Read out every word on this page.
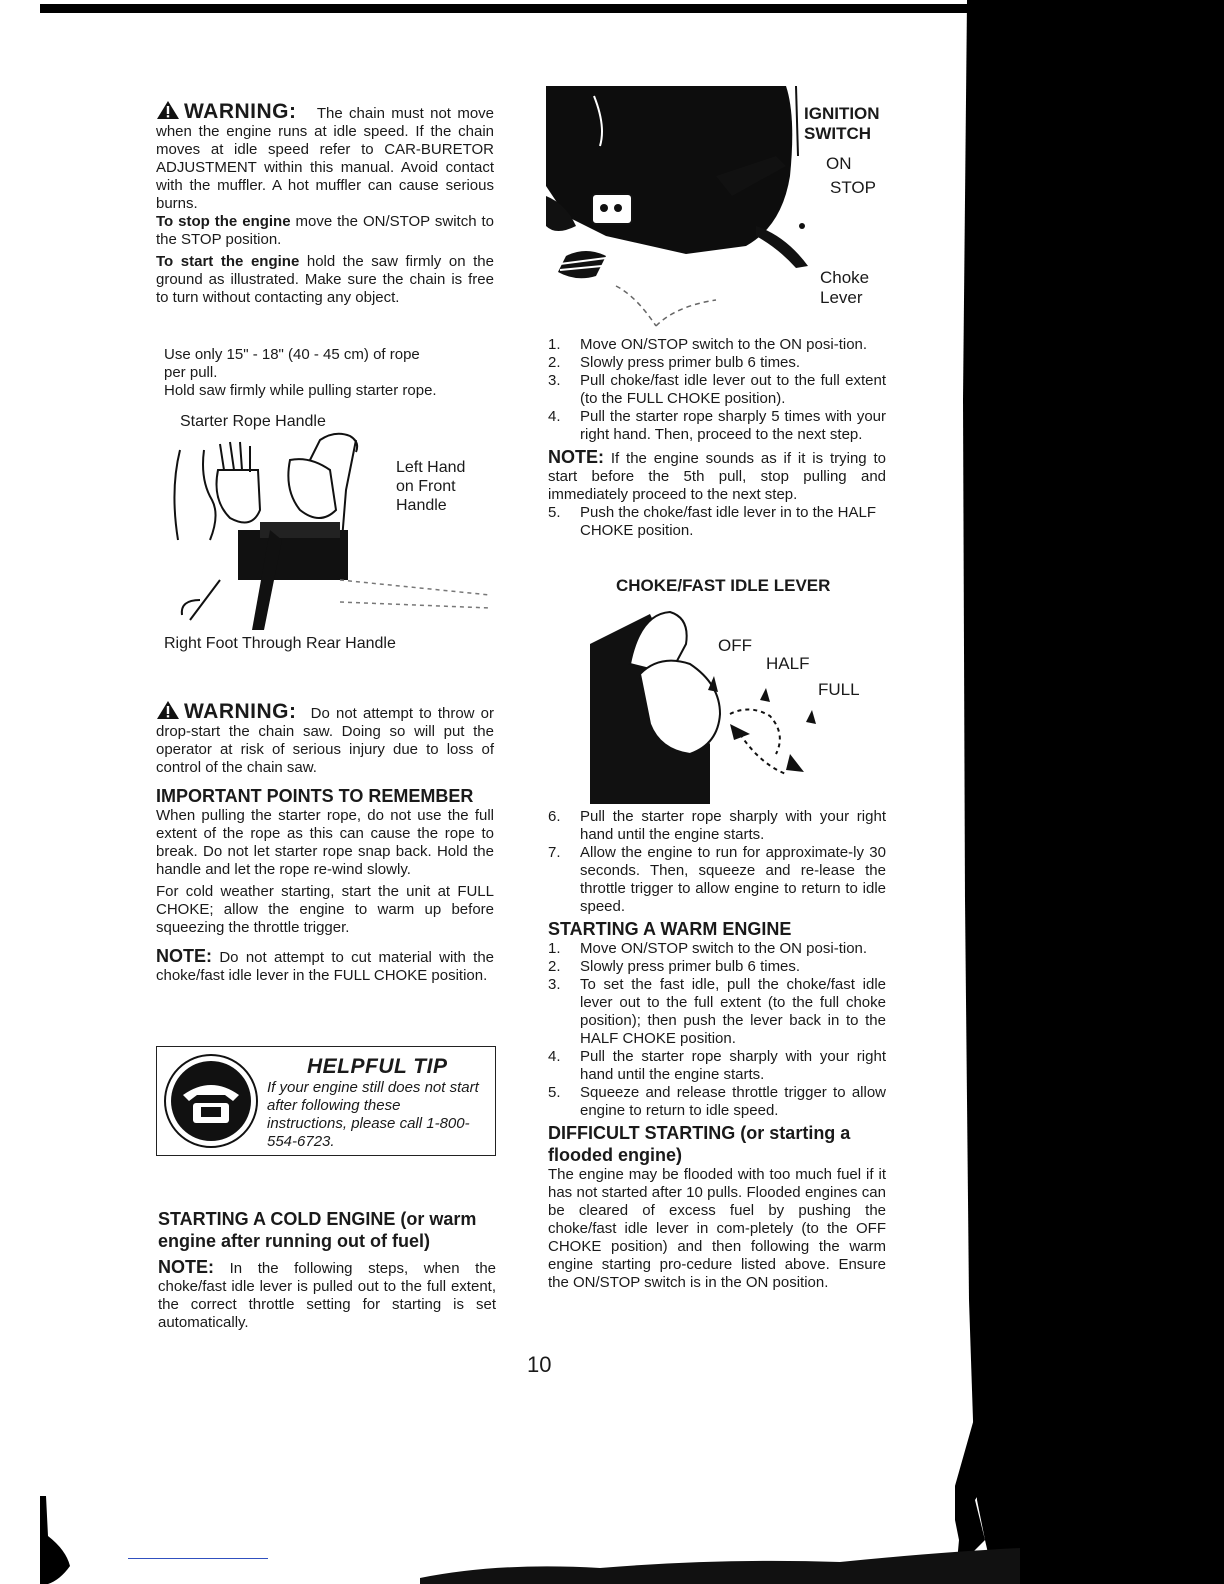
WARNING: The chain must not move when the engine runs at idle speed. If the chain moves at idle speed refer to CAR-BURETOR ADJUSTMENT within this manual. Avoid contact with the muffler. A hot muffler can cause serious burns.

To stop the engine move the ON/STOP switch to the STOP position.

To start the engine hold the saw firmly on the ground as illustrated. Make sure the chain is free to turn without contacting any object.

Use only 15" - 18" (40 - 45 cm) of rope per pull.

Hold saw firmly while pulling starter rope.

Starter Rope Handle
Left Hand on Front Handle
Right Foot Through Rear Handle

WARNING: Do not attempt to throw or drop-start the chain saw. Doing so will put the operator at risk of serious injury due to loss of control of the chain saw.

IMPORTANT POINTS TO REMEMBER

When pulling the starter rope, do not use the full extent of the rope as this can cause the rope to break. Do not let starter rope snap back. Hold the handle and let the rope re-wind slowly.

For cold weather starting, start the unit at FULL CHOKE; allow the engine to warm up before squeezing the throttle trigger.

NOTE: Do not attempt to cut material with the choke/fast idle lever in the FULL CHOKE position.

HELPFUL TIP
If your engine still does not start after following these instructions, please call 1-800-554-6723.

STARTING A COLD ENGINE (or warm engine after running out of fuel)

NOTE: In the following steps, when the choke/fast idle lever is pulled out to the full extent, the correct throttle setting for starting is set automatically.

IGNITION SWITCH
ON
STOP
Choke Lever
1.	Move ON/STOP switch to the ON posi-tion.
2.	Slowly press primer bulb 6 times.
3.	Pull choke/fast idle lever out to the full extent (to the FULL CHOKE position).
4.	Pull the starter rope sharply 5 times with your right hand. Then, proceed to the next step.

NOTE: If the engine sounds as if it is trying to start before the 5th pull, stop pulling and immediately proceed to the next step.

5.	Push the choke/fast idle lever in to the HALF CHOKE position.
CHOKE/FAST IDLE LEVER
OFF
HALF
FULL
6.	Pull the starter rope sharply with your right hand until the engine starts.
7.	Allow the engine to run for approximate-ly 30 seconds. Then, squeeze and re-lease the throttle trigger to allow engine to return to idle speed.

STARTING A WARM ENGINE

1.	Move ON/STOP switch to the ON posi-tion.
2.	Slowly press primer bulb 6 times.
3.	To set the fast idle, pull the choke/fast idle lever out to the full extent (to the full choke position); then push the lever back in to the HALF CHOKE position.
4.	Pull the starter rope sharply with your right hand until the engine starts.
5.	Squeeze and release throttle trigger to allow engine to return to idle speed.

DIFFICULT STARTING (or starting a flooded engine)

The engine may be flooded with too much fuel if it has not started after 10 pulls. Flooded engines can be cleared of excess fuel by pushing the choke/fast idle lever in com-pletely (to the OFF CHOKE position) and then following the warm engine starting pro-cedure listed above. Ensure the ON/STOP switch is in the ON position.

10
